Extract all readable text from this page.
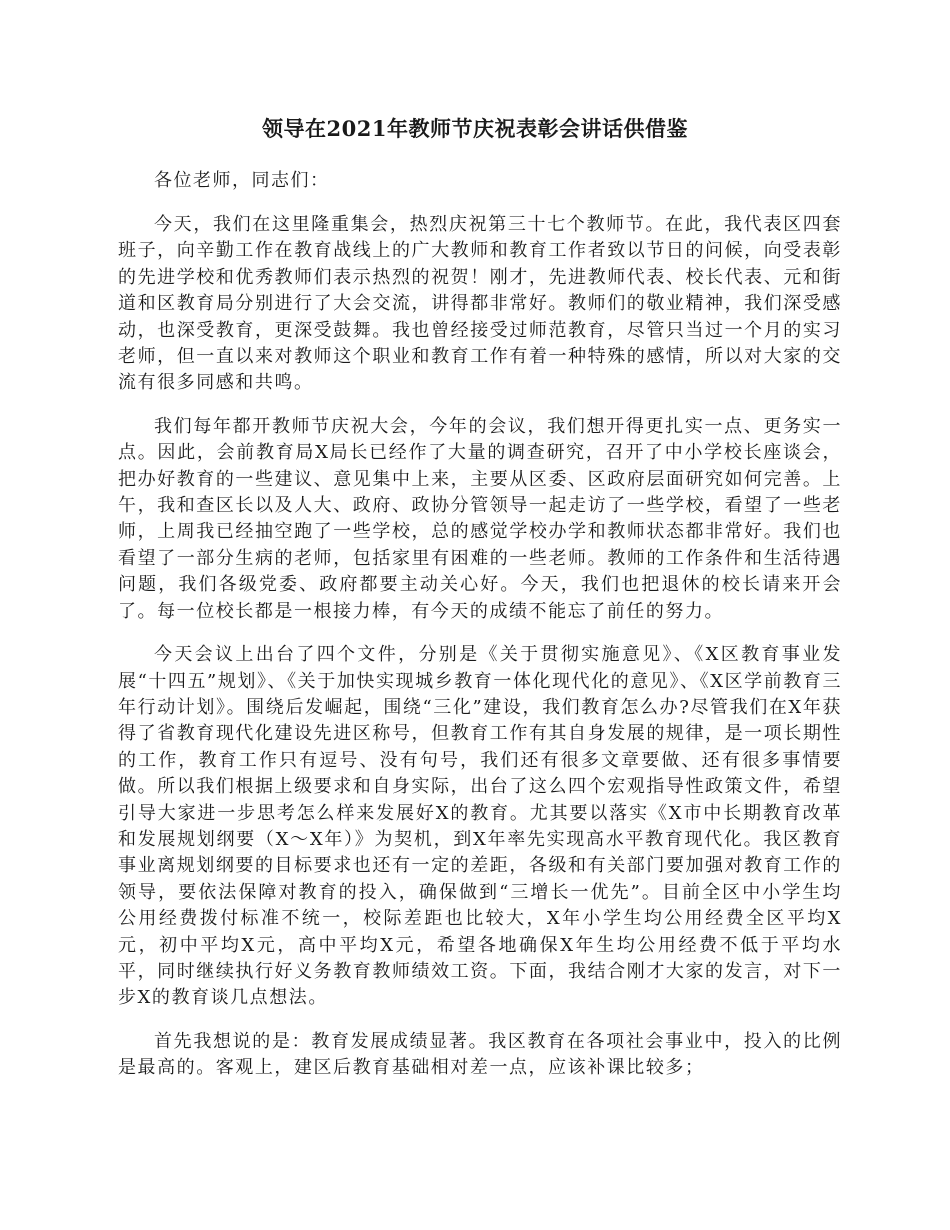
领导在2021年教师节庆祝表彰会讲话供借鉴

各位老师，同志们：

今天，我们在这里隆重集会，热烈庆祝第三十七个教师节。在此，我代表区四套班子，向辛勤工作在教育战线上的广大教师和教育工作者致以节日的问候，向受表彰的先进学校和优秀教师们表示热烈的祝贺！刚才，先进教师代表、校长代表、元和街道和区教育局分别进行了大会交流，讲得都非常好。教师们的敬业精神，我们深受感动，也深受教育，更深受鼓舞。我也曾经接受过师范教育，尽管只当过一个月的实习老师，但一直以来对教师这个职业和教育工作有着一种特殊的感情，所以对大家的交流有很多同感和共鸣。

我们每年都开教师节庆祝大会，今年的会议，我们想开得更扎实一点、更务实一点。因此，会前教育局X局长已经作了大量的调查研究，召开了中小学校长座谈会，把办好教育的一些建议、意见集中上来，主要从区委、区政府层面研究如何完善。上午，我和查区长以及人大、政府、政协分管领导一起走访了一些学校，看望了一些老师，上周我已经抽空跑了一些学校，总的感觉学校办学和教师状态都非常好。我们也看望了一部分生病的老师，包括家里有困难的一些老师。教师的工作条件和生活待遇问题，我们各级党委、政府都要主动关心好。今天，我们也把退休的校长请来开会了。每一位校长都是一根接力棒，有今天的成绩不能忘了前任的努力。

今天会议上出台了四个文件，分别是《关于贯彻实施意见》、《X区教育事业发展“十四五”规划》、《关于加快实现城乡教育一体化现代化的意见》、《X区学前教育三年行动计划》。围绕后发崛起，围绕“三化”建设，我们教育怎么办?尽管我们在X年获得了省教育现代化建设先进区称号，但教育工作有其自身发展的规律，是一项长期性的工作，教育工作只有逗号、没有句号，我们还有很多文章要做、还有很多事情要做。所以我们根据上级要求和自身实际，出台了这么四个宏观指导性政策文件，希望引导大家进一步思考怎么样来发展好X的教育。尤其要以落实《X市中长期教育改革和发展规划纲要（X～X年）》为契机，到X年率先实现高水平教育现代化。我区教育事业离规划纲要的目标要求也还有一定的差距，各级和有关部门要加强对教育工作的领导，要依法保障对教育的投入，确保做到“三增长一优先”。目前全区中小学生均公用经费拨付标准不统一，校际差距也比较大，X年小学生均公用经费全区平均X元，初中平均X元，高中平均X元，希望各地确保X年生均公用经费不低于平均水平，同时继续执行好义务教育教师绩效工资。下面，我结合刚才大家的发言，对下一步X的教育谈几点想法。

首先我想说的是：教育发展成绩显著。我区教育在各项社会事业中，投入的比例是最高的。客观上，建区后教育基础相对差一点，应该补课比较多；
